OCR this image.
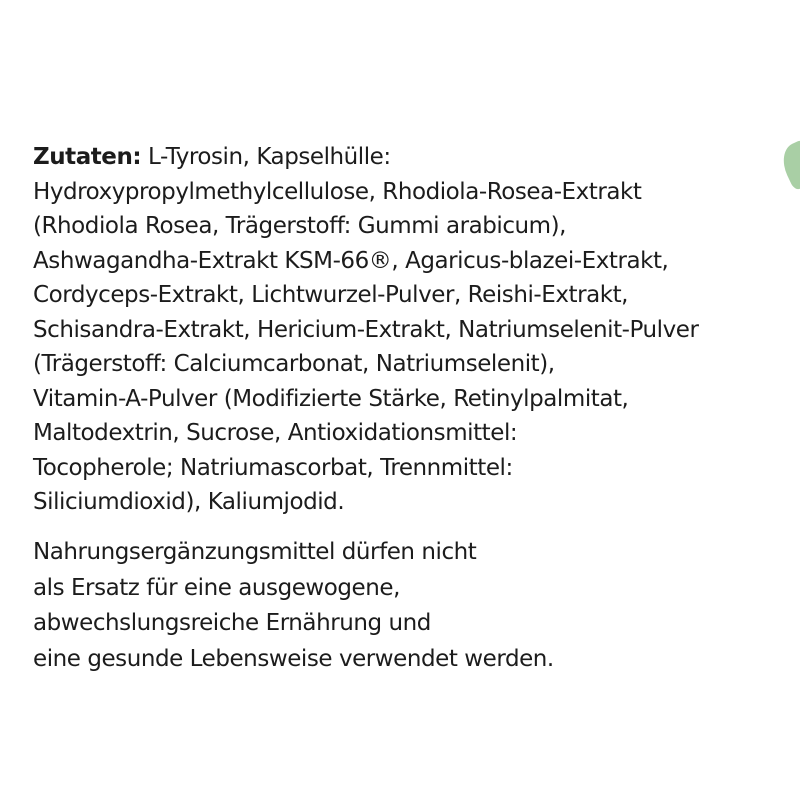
Zutaten: L-Tyrosin, Kapselhülle:
Hydroxypropylmethylcellulose, Rhodiola-Rosea-Extrakt
(Rhodiola Rosea, Trägerstoff: Gummi arabicum),
Ashwagandha-Extrakt KSM-66®, Agaricus-blazei-Extrakt,
Cordyceps-Extrakt, Lichtwurzel-Pulver, Reishi-Extrakt,
Schisandra-Extrakt, Hericium-Extrakt, Natriumselenit-Pulver
(Trägerstoff: Calciumcarbonat, Natriumselenit),
Vitamin-A-Pulver (Modifizierte Stärke, Retinylpalmitat,
Maltodextrin, Sucrose, Antioxidationsmittel:
Tocopherole; Natriumascorbat, Trennmittel:
Siliciumdioxid), Kaliumjodid.
Nahrungsergänzungsmittel dürfen nicht
als Ersatz für eine ausgewogene,
abwechslungsreiche Ernährung und
eine gesunde Lebensweise verwendet werden.
